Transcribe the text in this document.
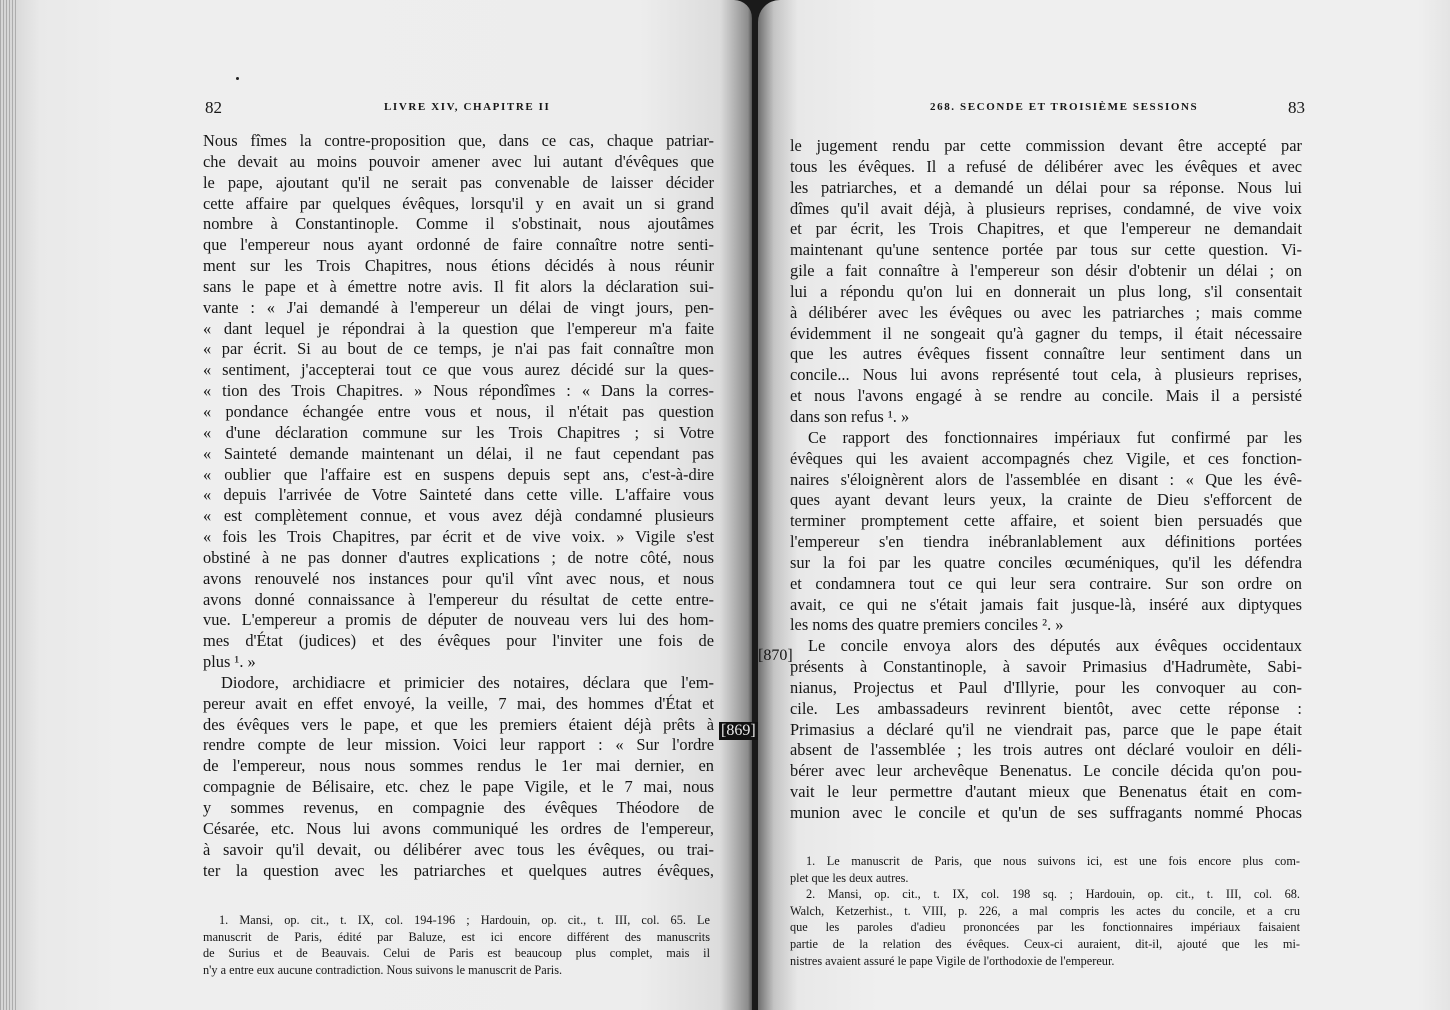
82	LIVRE XIV, CHAPITRE II
Nous fîmes la contre-proposition que, dans ce cas, chaque patriar-
che devait au moins pouvoir amener avec lui autant d'évêques que
le pape, ajoutant qu'il ne serait pas convenable de laisser décider
cette affaire par quelques évêques, lorsqu'il y en avait un si grand
nombre à Constantinople. Comme il s'obstinait, nous ajoutâmes
que l'empereur nous ayant ordonné de faire connaître notre senti-
ment sur les Trois Chapitres, nous étions décidés à nous réunir
sans le pape et à émettre notre avis. Il fit alors la déclaration sui-
vante : « J'ai demandé à l'empereur un délai de vingt jours, pen-
« dant lequel je répondrai à la question que l'empereur m'a faite
« par écrit. Si au bout de ce temps, je n'ai pas fait connaître mon
« sentiment, j'accepterai tout ce que vous aurez décidé sur la ques-
« tion des Trois Chapitres. » Nous répondîmes : « Dans la corres-
« pondance échangée entre vous et nous, il n'était pas question
« d'une déclaration commune sur les Trois Chapitres ; si Votre
« Sainteté demande maintenant un délai, il ne faut cependant pas
« oublier que l'affaire est en suspens depuis sept ans, c'est-à-dire
« depuis l'arrivée de Votre Sainteté dans cette ville. L'affaire vous
« est complètement connue, et vous avez déjà condamné plusieurs
« fois les Trois Chapitres, par écrit et de vive voix. » Vigile s'est
obstiné à ne pas donner d'autres explications ; de notre côté, nous
avons renouvelé nos instances pour qu'il vînt avec nous, et nous
avons donné connaissance à l'empereur du résultat de cette entre-
vue. L'empereur a promis de députer de nouveau vers lui des hom-
mes d'État (judices) et des évêques pour l'inviter une fois de
plus ¹. »
Diodore, archidiacre et primicier des notaires, déclara que l'em-
pereur avait en effet envoyé, la veille, 7 mai, des hommes d'État et
des évêques vers le pape, et que les premiers étaient déjà prêts à
rendre compte de leur mission. Voici leur rapport : « Sur l'ordre
de l'empereur, nous nous sommes rendus le 1er mai dernier, en
compagnie de Bélisaire, etc. chez le pape Vigile, et le 7 mai, nous
y sommes revenus, en compagnie des évêques Théodore de
Césarée, etc. Nous lui avons communiqué les ordres de l'empereur,
à savoir qu'il devait, ou délibérer avec tous les évêques, ou trai-
ter la question avec les patriarches et quelques autres évêques,
1. Mansi, op. cit., t. IX, col. 194-196 ; Hardouin, op. cit., t. III, col. 65. Le
manuscrit de Paris, édité par Baluze, est ici encore différent des manuscrits
de Surius et de Beauvais. Celui de Paris est beaucoup plus complet, mais il
n'y a entre eux aucune contradiction. Nous suivons le manuscrit de Paris.
[869]
268. SECONDE ET TROISIÈME SESSIONS	83
le jugement rendu par cette commission devant être accepté par
tous les évêques. Il a refusé de délibérer avec les évêques et avec
les patriarches, et a demandé un délai pour sa réponse. Nous lui
dîmes qu'il avait déjà, à plusieurs reprises, condamné, de vive voix
et par écrit, les Trois Chapitres, et que l'empereur ne demandait
maintenant qu'une sentence portée par tous sur cette question. Vi-
gile a fait connaître à l'empereur son désir d'obtenir un délai ; on
lui a répondu qu'on lui en donnerait un plus long, s'il consentait
à délibérer avec les évêques ou avec les patriarches ; mais comme
évidemment il ne songeait qu'à gagner du temps, il était nécessaire
que les autres évêques fissent connaître leur sentiment dans un
concile... Nous lui avons représenté tout cela, à plusieurs reprises,
et nous l'avons engagé à se rendre au concile. Mais il a persisté
dans son refus ¹. »
Ce rapport des fonctionnaires impériaux fut confirmé par les
évêques qui les avaient accompagnés chez Vigile, et ces fonction-
naires s'éloignèrent alors de l'assemblée en disant : « Que les évê-
ques ayant devant leurs yeux, la crainte de Dieu s'efforcent de
terminer promptement cette affaire, et soient bien persuadés que
l'empereur s'en tiendra inébranlablement aux définitions portées
sur la foi par les quatre conciles œcuméniques, qu'il les défendra
et condamnera tout ce qui leur sera contraire. Sur son ordre on
avait, ce qui ne s'était jamais fait jusque-là, inséré aux diptyques
les noms des quatre premiers conciles ². »
Le concile envoya alors des députés aux évêques occidentaux
présents à Constantinople, à savoir Primasius d'Hadrumète, Sabi-
nianus, Projectus et Paul d'Illyrie, pour les convoquer au con-
cile. Les ambassadeurs revinrent bientôt, avec cette réponse :
Primasius a déclaré qu'il ne viendrait pas, parce que le pape était
absent de l'assemblée ; les trois autres ont déclaré vouloir en déli-
bérer avec leur archevêque Benenatus. Le concile décida qu'on pou-
vait le leur permettre d'autant mieux que Benenatus était en com-
munion avec le concile et qu'un de ses suffragants nommé Phocas
1. Le manuscrit de Paris, que nous suivons ici, est une fois encore plus com-
plet que les deux autres.
2. Mansi, op. cit., t. IX, col. 198 sq. ; Hardouin, op. cit., t. III, col. 68.
Walch, Ketzerhist., t. VIII, p. 226, a mal compris les actes du concile, et a cru
que les paroles d'adieu prononcées par les fonctionnaires impériaux faisaient
partie de la relation des évêques. Ceux-ci auraient, dit-il, ajouté que les mi-
nistres avaient assuré le pape Vigile de l'orthodoxie de l'empereur.
[870]
